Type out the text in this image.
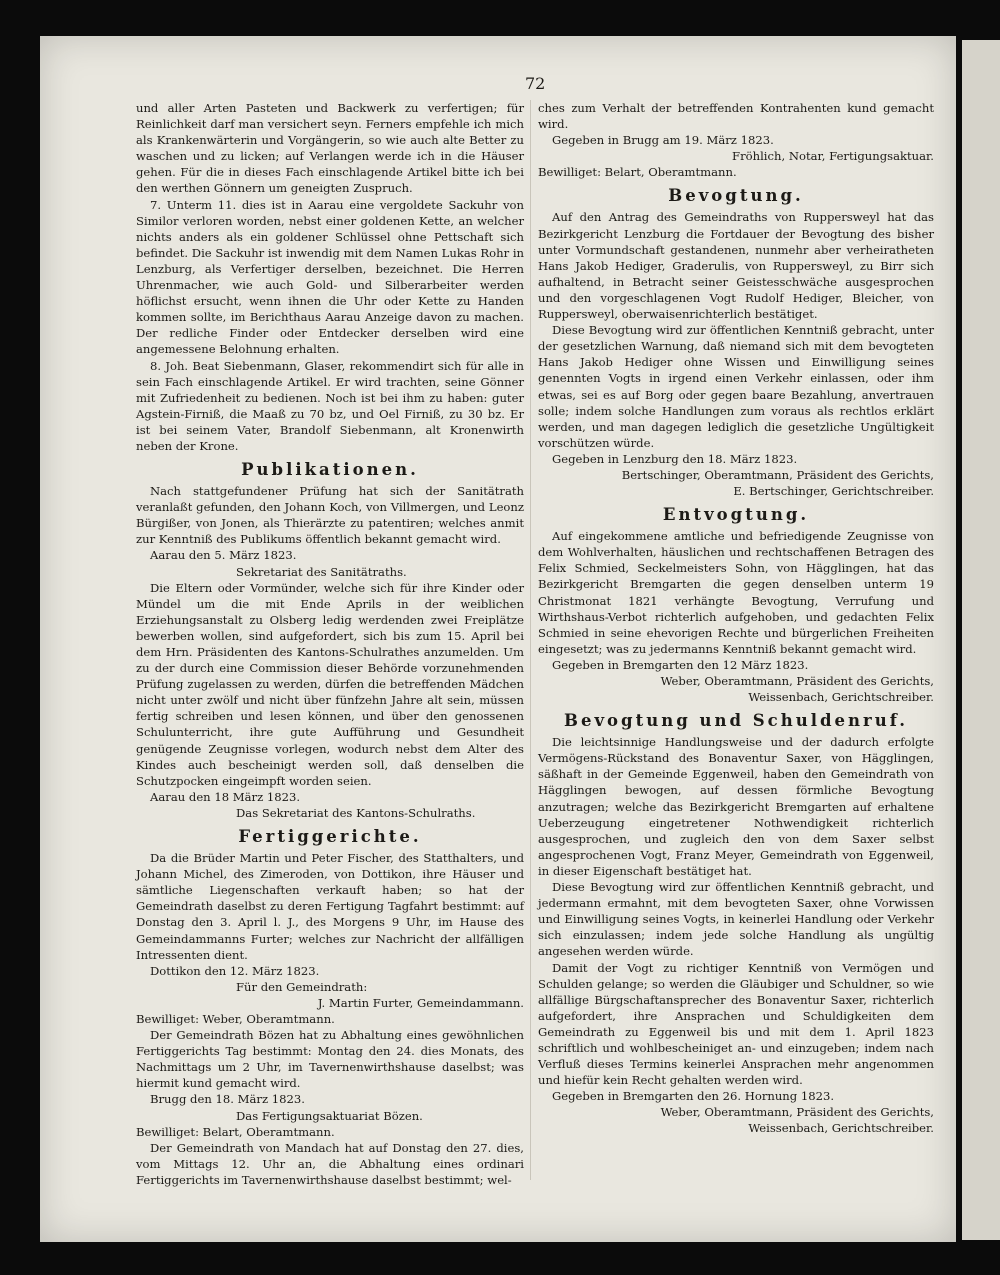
72

und aller Arten Pasteten und Backwerk zu verfertigen; für Reinlichkeit darf man versichert seyn. Ferners empfehle ich mich als Krankenwärterin und Vorgängerin, so wie auch alte Better zu waschen und zu licken; auf Verlangen werde ich in die Häuser gehen. Für die in dieses Fach einschlagende Artikel bitte ich bei den werthen Gönnern um geneigten Zuspruch.

7. Unterm 11. dies ist in Aarau eine vergoldete Sackuhr von Similor verloren worden, nebst einer goldenen Kette, an welcher nichts anders als ein goldener Schlüssel ohne Pettschaft sich befindet. Die Sackuhr ist inwendig mit dem Namen Lukas Rohr in Lenzburg, als Verfertiger derselben, bezeichnet. Die Herren Uhrenmacher, wie auch Gold- und Silberarbeiter werden höflichst ersucht, wenn ihnen die Uhr oder Kette zu Handen kommen sollte, im Berichthaus Aarau Anzeige davon zu machen. Der redliche Finder oder Entdecker derselben wird eine angemessene Belohnung erhalten.

8. Joh. Beat Siebenmann, Glaser, rekommendirt sich für alle in sein Fach einschlagende Artikel. Er wird trachten, seine Gönner mit Zufriedenheit zu bedienen. Noch ist bei ihm zu haben: guter Agstein-Firniß, die Maaß zu 70 bz, und Oel Firniß, zu 30 bz. Er ist bei seinem Vater, Brandolf Siebenmann, alt Kronenwirth neben der Krone.

Publikationen.

Nach stattgefundener Prüfung hat sich der Sanitätrath veranlaßt gefunden, den Johann Koch, von Villmergen, und Leonz Bürgißer, von Jonen, als Thierärzte zu patentiren; welches anmit zur Kenntniß des Publikums öffentlich bekannt gemacht wird.

Aarau den 5. März 1823.

Sekretariat des Sanitätraths.

Die Eltern oder Vormünder, welche sich für ihre Kinder oder Mündel um die mit Ende Aprils in der weiblichen Erziehungsanstalt zu Olsberg ledig werdenden zwei Freiplätze bewerben wollen, sind aufgefordert, sich bis zum 15. April bei dem Hrn. Präsidenten des Kantons-Schulrathes anzumelden. Um zu der durch eine Commission dieser Behörde vorzunehmenden Prüfung zugelassen zu werden, dürfen die betreffenden Mädchen nicht unter zwölf und nicht über fünfzehn Jahre alt sein, müssen fertig schreiben und lesen können, und über den genossenen Schulunterricht, ihre gute Aufführung und Gesundheit genügende Zeugnisse vorlegen, wodurch nebst dem Alter des Kindes auch bescheinigt werden soll, daß denselben die Schutzpocken eingeimpft worden seien.

Aarau den 18 März 1823.

Das Sekretariat des Kantons-Schulraths.

Fertiggerichte.

Da die Brüder Martin und Peter Fischer, des Statthalters, und Johann Michel, des Zimeroden, von Dottikon, ihre Häuser und sämtliche Liegenschaften verkauft haben; so hat der Gemeindrath daselbst zu deren Fertigung Tagfahrt bestimmt: auf Donstag den 3. April l. J., des Morgens 9 Uhr, im Hause des Gemeindammanns Furter; welches zur Nachricht der allfälligen Intressenten dient.

Dottikon den 12. März 1823.

Für den Gemeindrath:

J. Martin Furter, Gemeindammann.

Bewilliget: Weber, Oberamtmann.

Der Gemeindrath Bözen hat zu Abhaltung eines gewöhnlichen Fertiggerichts Tag bestimmt: Montag den 24. dies Monats, des Nachmittags um 2 Uhr, im Tavernenwirthshause daselbst; was hiermit kund gemacht wird.

Brugg den 18. März 1823.

Das Fertigungsaktuariat Bözen.

Bewilliget: Belart, Oberamtmann.

Der Gemeindrath von Mandach hat auf Donstag den 27. dies, vom Mittags 12. Uhr an, die Abhaltung eines ordinari Fertiggerichts im Tavernenwirthshause daselbst bestimmt; wel-

ches zum Verhalt der betreffenden Kontrahenten kund gemacht wird.

Gegeben in Brugg am 19. März 1823.

Fröhlich, Notar, Fertigungsaktuar.

Bewilliget: Belart, Oberamtmann.

Bevogtung.

Auf den Antrag des Gemeindraths von Ruppersweyl hat das Bezirkgericht Lenzburg die Fortdauer der Bevogtung des bisher unter Vormundschaft gestandenen, nunmehr aber verheiratheten Hans Jakob Hediger, Graderulis, von Ruppersweyl, zu Birr sich aufhaltend, in Betracht seiner Geistesschwäche ausgesprochen und den vorgeschlagenen Vogt Rudolf Hediger, Bleicher, von Ruppersweyl, oberwaisenrichterlich bestätiget.

Diese Bevogtung wird zur öffentlichen Kenntniß gebracht, unter der gesetzlichen Warnung, daß niemand sich mit dem bevogteten Hans Jakob Hediger ohne Wissen und Einwilligung seines genennten Vogts in irgend einen Verkehr einlassen, oder ihm etwas, sei es auf Borg oder gegen baare Bezahlung, anvertrauen solle; indem solche Handlungen zum voraus als rechtlos erklärt werden, und man dagegen lediglich die gesetzliche Ungültigkeit vorschützen würde.

Gegeben in Lenzburg den 18. März 1823.

Bertschinger, Oberamtmann, Präsident des Gerichts,

E. Bertschinger, Gerichtschreiber.

Entvogtung.

Auf eingekommene amtliche und befriedigende Zeugnisse von dem Wohlverhalten, häuslichen und rechtschaffenen Betragen des Felix Schmied, Seckelmeisters Sohn, von Hägglingen, hat das Bezirkgericht Bremgarten die gegen denselben unterm 19 Christmonat 1821 verhängte Bevogtung, Verrufung und Wirthshaus-Verbot richterlich aufgehoben, und gedachten Felix Schmied in seine ehevorigen Rechte und bürgerlichen Freiheiten eingesetzt; was zu jedermanns Kenntniß bekannt gemacht wird.

Gegeben in Bremgarten den 12 März 1823.

Weber, Oberamtmann, Präsident des Gerichts,

Weissenbach, Gerichtschreiber.

Bevogtung und Schuldenruf.

Die leichtsinnige Handlungsweise und der dadurch erfolgte Vermögens-Rückstand des Bonaventur Saxer, von Hägglingen, säßhaft in der Gemeinde Eggenweil, haben den Gemeindrath von Hägglingen bewogen, auf dessen förmliche Bevogtung anzutragen; welche das Bezirkgericht Bremgarten auf erhaltene Ueberzeugung eingetretener Nothwendigkeit richterlich ausgesprochen, und zugleich den von dem Saxer selbst angesprochenen Vogt, Franz Meyer, Gemeindrath von Eggenweil, in dieser Eigenschaft bestätiget hat.

Diese Bevogtung wird zur öffentlichen Kenntniß gebracht, und jedermann ermahnt, mit dem bevogteten Saxer, ohne Vorwissen und Einwilligung seines Vogts, in keinerlei Handlung oder Verkehr sich einzulassen; indem jede solche Handlung als ungültig angesehen werden würde.

Damit der Vogt zu richtiger Kenntniß von Vermögen und Schulden gelange; so werden die Gläubiger und Schuldner, so wie allfällige Bürgschaftansprecher des Bonaventur Saxer, richterlich aufgefordert, ihre Ansprachen und Schuldigkeiten dem Gemeindrath zu Eggenweil bis und mit dem 1. April 1823 schriftlich und wohlbescheiniget an- und einzugeben; indem nach Verfluß dieses Termins keinerlei Ansprachen mehr angenommen und hiefür kein Recht gehalten werden wird.

Gegeben in Bremgarten den 26. Hornung 1823.

Weber, Oberamtmann, Präsident des Gerichts,

Weissenbach, Gerichtschreiber.
